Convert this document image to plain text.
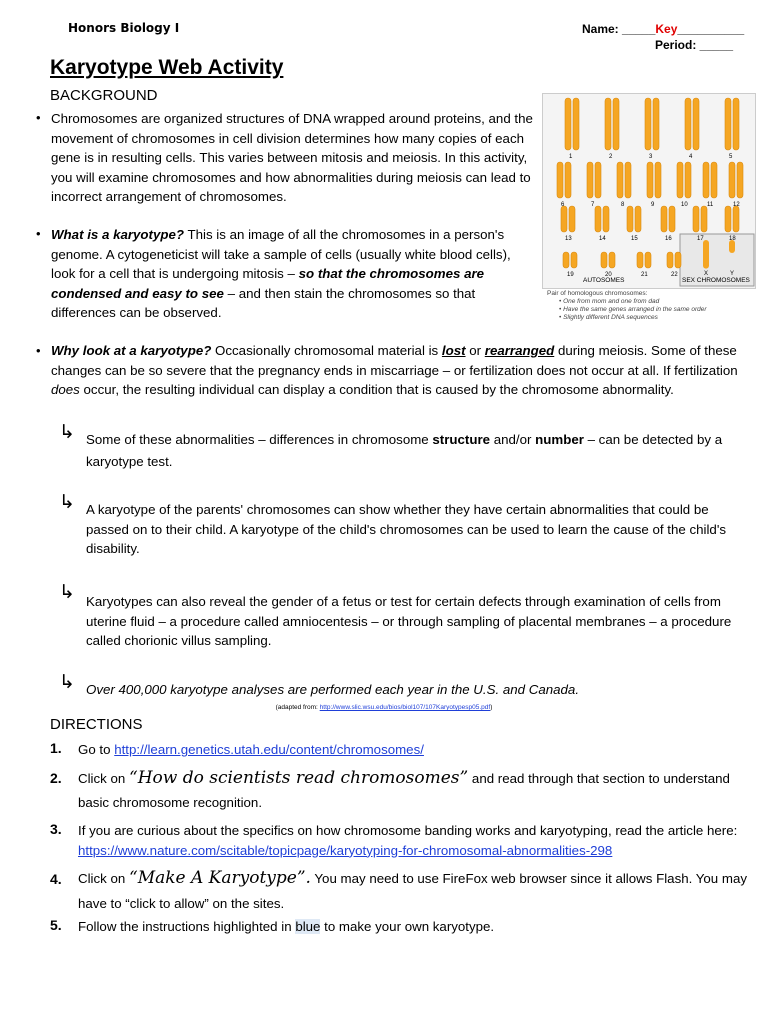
Honors Biology I	Name: _____Key__________
Period: _____
Karyotype Web Activity
BACKGROUND
• Chromosomes are organized structures of DNA wrapped around proteins, and the movement of chromosomes in cell division determines how many copies of each gene is in resulting cells. This varies between mitosis and meiosis. In this activity, you will examine chromosomes and how abnormalities during meiosis can lead to incorrect arrangement of chromosomes.
• What is a karyotype? This is an image of all the chromosomes in a person's genome. A cytogeneticist will take a sample of cells (usually white blood cells), look for a cell that is undergoing mitosis – so that the chromosomes are condensed and easy to see – and then stain the chromosomes so that differences can be observed.
1	2	3	4	5
6	7	8	9	10	11	12
13	14	15	16	17	18
19	20	21	22	X	Y
AUTOSOMES	SEX CHROMOSOMES
Pair of homologous chromosomes:
• One from mom and one from dad
• Have the same genes arranged in the same order
• Slightly different DNA sequences
• Why look at a karyotype? Occasionally chromosomal material is lost or rearranged during meiosis. Some of these changes can be so severe that the pregnancy ends in miscarriage – or fertilization does not occur at all. If fertilization does occur, the resulting individual can display a condition that is caused by the chromosome abnormality.
↳ Some of these abnormalities – differences in chromosome structure and/or number – can be detected by a karyotype test.
↳ A karyotype of the parents' chromosomes can show whether they have certain abnormalities that could be passed on to their child. A karyotype of the child's chromosomes can be used to learn the cause of the child's disability.
↳ Karyotypes can also reveal the gender of a fetus or test for certain defects through examination of cells from uterine fluid – a procedure called amniocentesis – or through sampling of placental membranes – a procedure called chorionic villus sampling.
↳ Over 400,000 karyotype analyses are performed each year in the U.S. and Canada.
(adapted from: http://www.slic.wsu.edu/bios/biol107/107Karyotypesp05.pdf)
DIRECTIONS
1. Go to http://learn.genetics.utah.edu/content/chromosomes/
2. Click on “How do scientists read chromosomes” and read through that section to understand basic chromosome recognition.
3. If you are curious about the specifics on how chromosome banding works and karyotyping, read the article here: https://www.nature.com/scitable/topicpage/karyotyping-for-chromosomal-abnormalities-298
4. Click on “Make A Karyotype”. You may need to use FireFox web browser since it allows Flash. You may have to “click to allow” on the sites.
5. Follow the instructions highlighted in blue to make your own karyotype.
